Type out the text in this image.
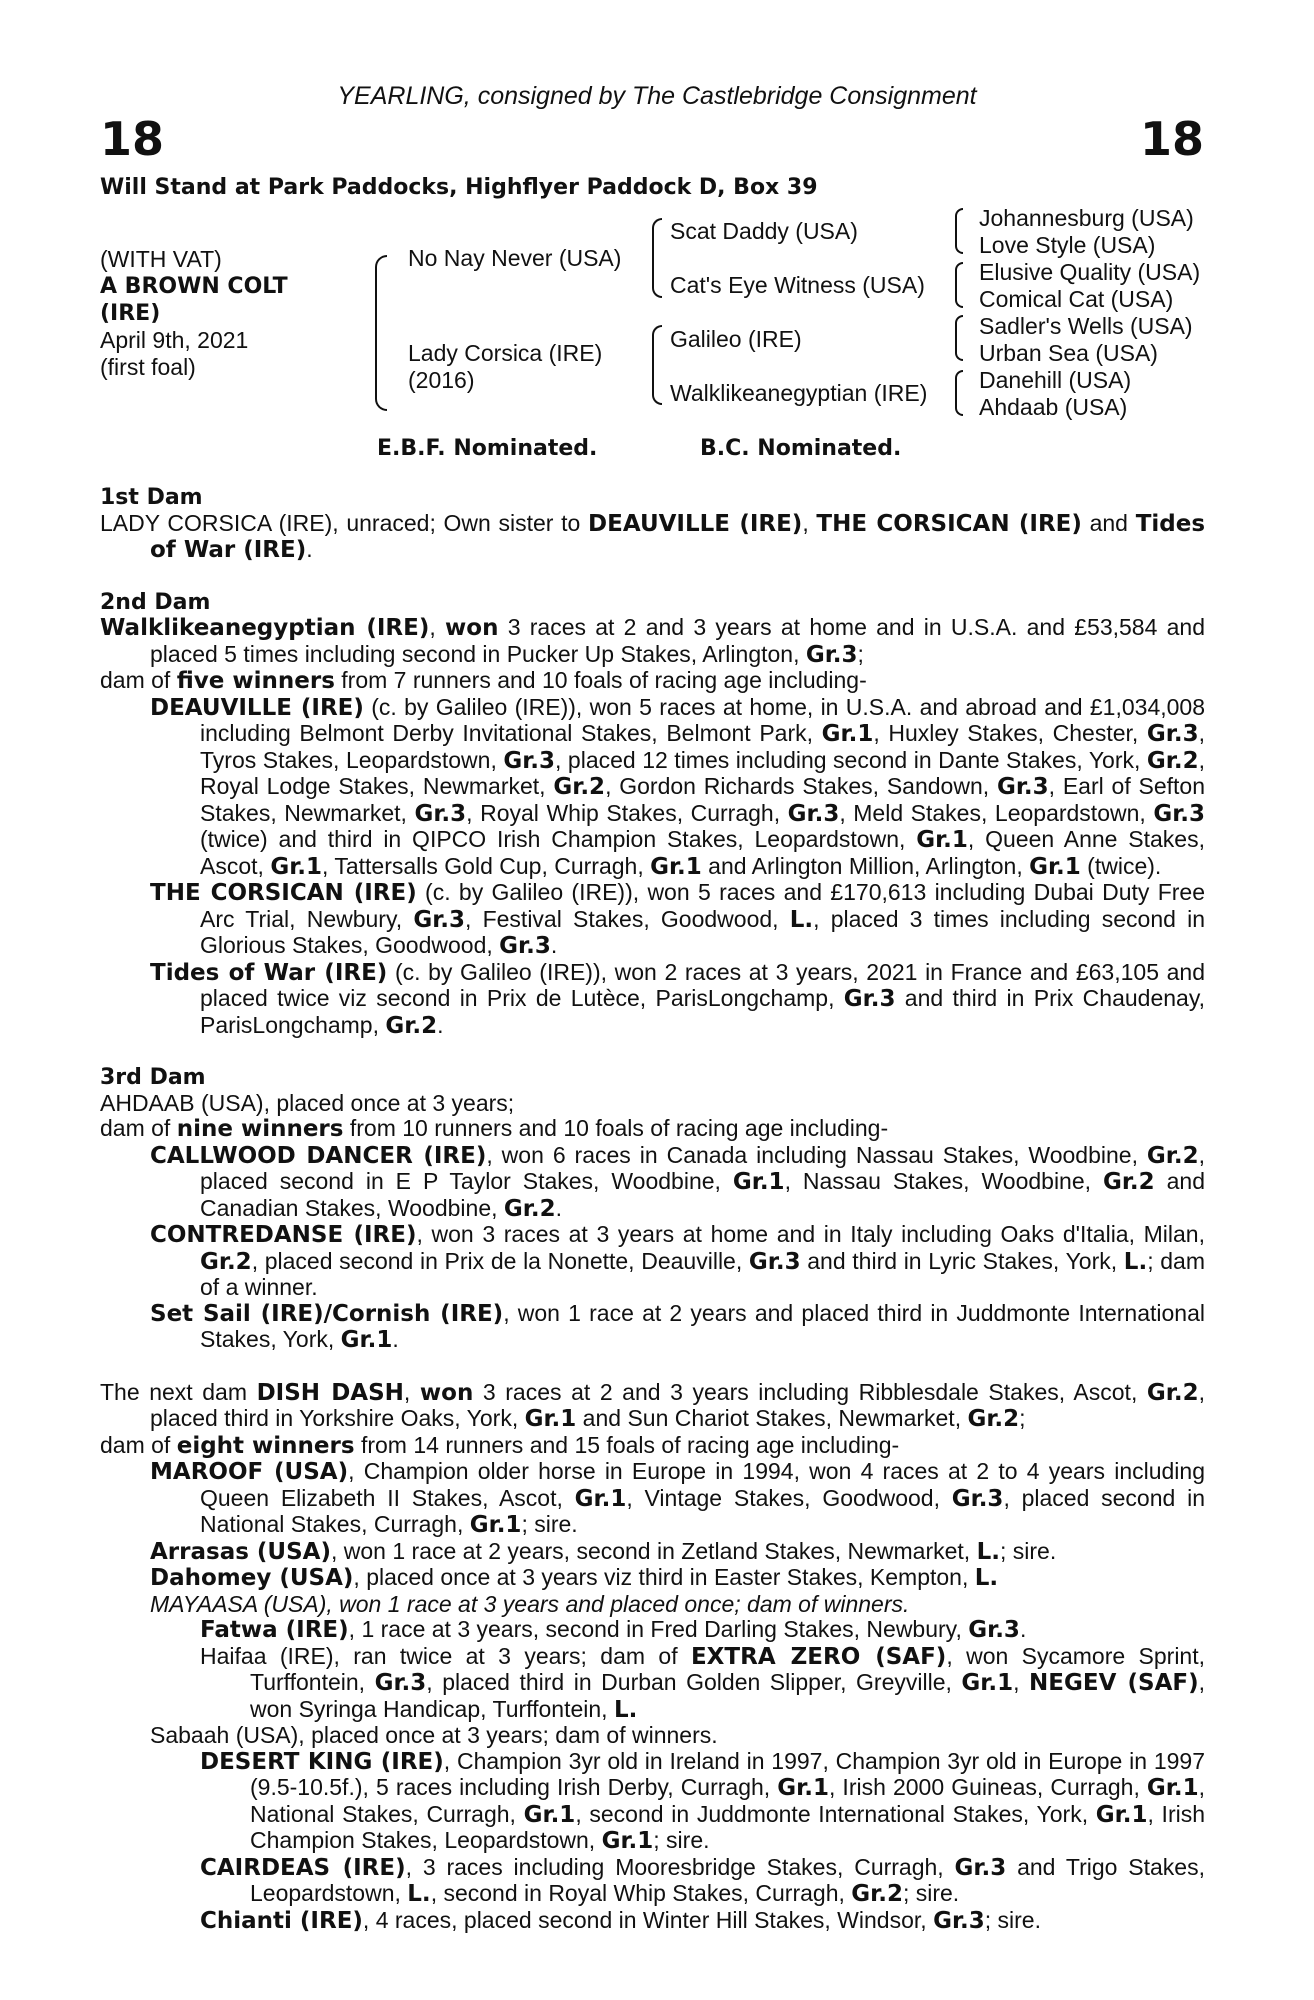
YEARLING, consigned by The Castlebridge Consignment
18	18
Will Stand at Park Paddocks, Highflyer Paddock D, Box 39
(WITH VAT)
A BROWN COLT
(IRE)
April 9th, 2021
(first foal)
No Nay Never (USA)
Lady Corsica (IRE)
(2016)
Scat Daddy (USA)
Cat's Eye Witness (USA)
Galileo (IRE)
Walklikeanegyptian (IRE)
Johannesburg (USA)
Love Style (USA)
Elusive Quality (USA)
Comical Cat (USA)
Sadler's Wells (USA)
Urban Sea (USA)
Danehill (USA)
Ahdaab (USA)
E.B.F. Nominated.	B.C. Nominated.

1st Dam

LADY CORSICA (IRE), unraced; Own sister to DEAUVILLE (IRE), THE CORSICAN (IRE) and Tides of War (IRE).

2nd Dam

Walklikeanegyptian (IRE), won 3 races at 2 and 3 years at home and in U.S.A. and £53,584 and placed 5 times including second in Pucker Up Stakes, Arlington, Gr.3;

dam of five winners from 7 runners and 10 foals of racing age including-

DEAUVILLE (IRE) (c. by Galileo (IRE)), won 5 races at home, in U.S.A. and abroad and £1,034,008 including Belmont Derby Invitational Stakes, Belmont Park, Gr.1, Huxley Stakes, Chester, Gr.3, Tyros Stakes, Leopardstown, Gr.3, placed 12 times including second in Dante Stakes, York, Gr.2, Royal Lodge Stakes, Newmarket, Gr.2, Gordon Richards Stakes, Sandown, Gr.3, Earl of Sefton Stakes, Newmarket, Gr.3, Royal Whip Stakes, Curragh, Gr.3, Meld Stakes, Leopardstown, Gr.3 (twice) and third in QIPCO Irish Champion Stakes, Leopardstown, Gr.1, Queen Anne Stakes, Ascot, Gr.1, Tattersalls Gold Cup, Curragh, Gr.1 and Arlington Million, Arlington, Gr.1 (twice).

THE CORSICAN (IRE) (c. by Galileo (IRE)), won 5 races and £170,613 including Dubai Duty Free Arc Trial, Newbury, Gr.3, Festival Stakes, Goodwood, L., placed 3 times including second in Glorious Stakes, Goodwood, Gr.3.

Tides of War (IRE) (c. by Galileo (IRE)), won 2 races at 3 years, 2021 in France and £63,105 and placed twice viz second in Prix de Lutèce, ParisLongchamp, Gr.3 and third in Prix Chaudenay, ParisLongchamp, Gr.2.

3rd Dam

AHDAAB (USA), placed once at 3 years;

dam of nine winners from 10 runners and 10 foals of racing age including-

CALLWOOD DANCER (IRE), won 6 races in Canada including Nassau Stakes, Woodbine, Gr.2, placed second in E P Taylor Stakes, Woodbine, Gr.1, Nassau Stakes, Woodbine, Gr.2 and Canadian Stakes, Woodbine, Gr.2.

CONTREDANSE (IRE), won 3 races at 3 years at home and in Italy including Oaks d'Italia, Milan, Gr.2, placed second in Prix de la Nonette, Deauville, Gr.3 and third in Lyric Stakes, York, L.; dam of a winner.

Set Sail (IRE)/Cornish (IRE), won 1 race at 2 years and placed third in Juddmonte International Stakes, York, Gr.1.

The next dam DISH DASH, won 3 races at 2 and 3 years including Ribblesdale Stakes, Ascot, Gr.2, placed third in Yorkshire Oaks, York, Gr.1 and Sun Chariot Stakes, Newmarket, Gr.2;

dam of eight winners from 14 runners and 15 foals of racing age including-

MAROOF (USA), Champion older horse in Europe in 1994, won 4 races at 2 to 4 years including Queen Elizabeth II Stakes, Ascot, Gr.1, Vintage Stakes, Goodwood, Gr.3, placed second in National Stakes, Curragh, Gr.1; sire.

Arrasas (USA), won 1 race at 2 years, second in Zetland Stakes, Newmarket, L.; sire.

Dahomey (USA), placed once at 3 years viz third in Easter Stakes, Kempton, L.

MAYAASA (USA), won 1 race at 3 years and placed once; dam of winners.

Fatwa (IRE), 1 race at 3 years, second in Fred Darling Stakes, Newbury, Gr.3.

Haifaa (IRE), ran twice at 3 years; dam of EXTRA ZERO (SAF), won Sycamore Sprint, Turffontein, Gr.3, placed third in Durban Golden Slipper, Greyville, Gr.1, NEGEV (SAF), won Syringa Handicap, Turffontein, L.

Sabaah (USA), placed once at 3 years; dam of winners.

DESERT KING (IRE), Champion 3yr old in Ireland in 1997, Champion 3yr old in Europe in 1997 (9.5-10.5f.), 5 races including Irish Derby, Curragh, Gr.1, Irish 2000 Guineas, Curragh, Gr.1, National Stakes, Curragh, Gr.1, second in Juddmonte International Stakes, York, Gr.1, Irish Champion Stakes, Leopardstown, Gr.1; sire.

CAIRDEAS (IRE), 3 races including Mooresbridge Stakes, Curragh, Gr.3 and Trigo Stakes, Leopardstown, L., second in Royal Whip Stakes, Curragh, Gr.2; sire.

Chianti (IRE), 4 races, placed second in Winter Hill Stakes, Windsor, Gr.3; sire.
